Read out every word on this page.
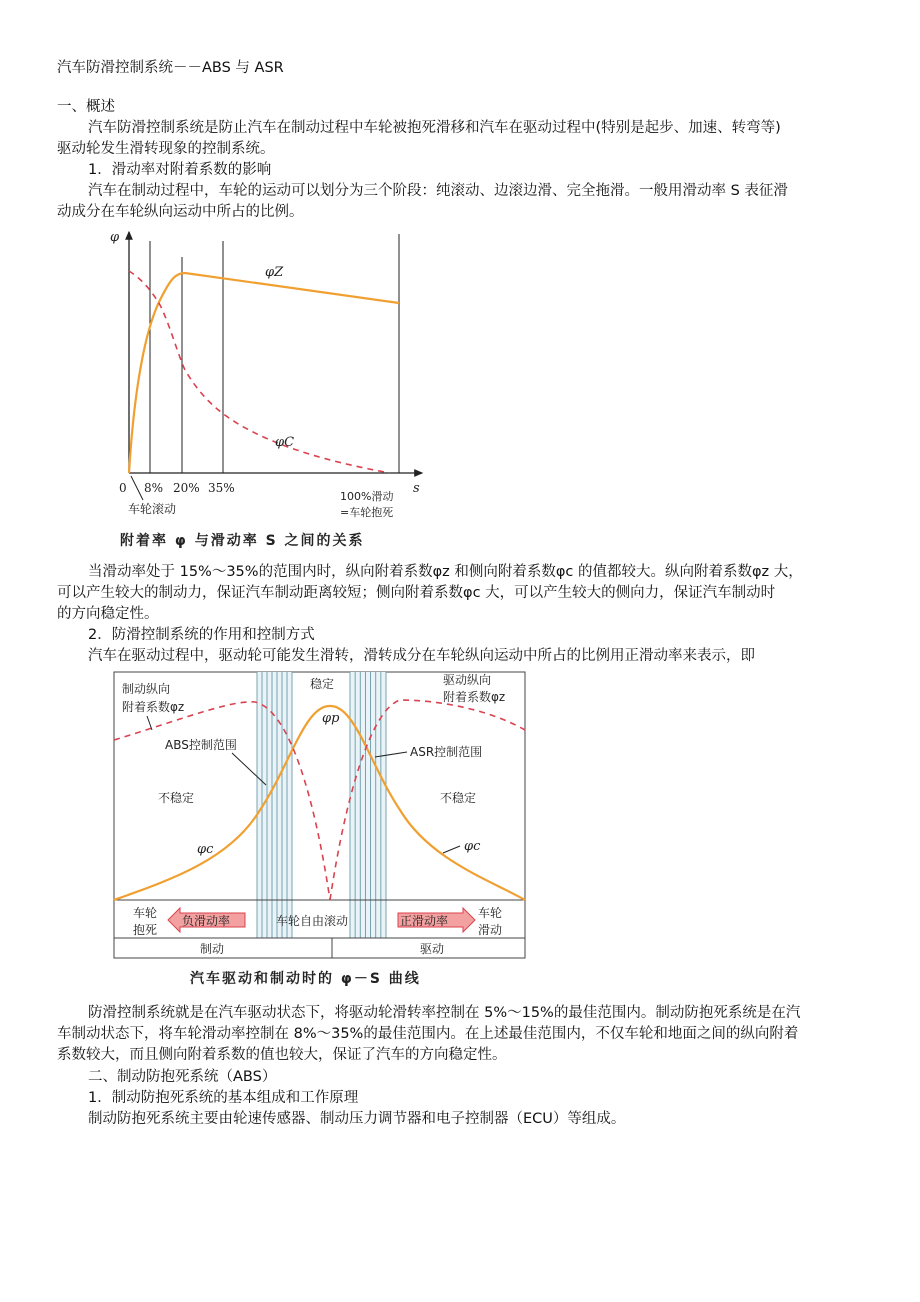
汽车防滑控制系统－－ABS 与 ASR
一、概述
汽车防滑控制系统是防止汽车在制动过程中车轮被抱死滑移和汽车在驱动过程中(特别是起步、加速、转弯等)
驱动轮发生滑转现象的控制系统。
1．滑动率对附着系数的影响
汽车在制动过程中，车轮的运动可以划分为三个阶段：纯滚动、边滚边滑、完全拖滑。一般用滑动率 S 表征滑
动成分在车轮纵向运动中所占的比例。
φ
s
φZ
φC
0 8% 20% 35%
车轮滚动
100%滑动
=车轮抱死
附着率 φ 与滑动率 S 之间的关系
制动纵向
附着系数φz
驱动纵向
附着系数φz
稳定
φp
ABS控制范围	ASR控制范围
不稳定	不稳定
φc	φc
车轮
抱死
负滑动率	车轮自由滚动	正滑动率
车轮
滑动
制动	驱动
汽车驱动和制动时的 φ－S 曲线
当滑动率处于 15%～35%的范围内时，纵向附着系数φz 和侧向附着系数φc 的值都较大。纵向附着系数φz 大，
可以产生较大的制动力，保证汽车制动距离较短；侧向附着系数φc 大，可以产生较大的侧向力，保证汽车制动时
的方向稳定性。
2．防滑控制系统的作用和控制方式
汽车在驱动过程中，驱动轮可能发生滑转，滑转成分在车轮纵向运动中所占的比例用正滑动率来表示，即
防滑控制系统就是在汽车驱动状态下，将驱动轮滑转率控制在 5%～15%的最佳范围内。制动防抱死系统是在汽
车制动状态下，将车轮滑动率控制在 8%～35%的最佳范围内。在上述最佳范围内，不仅车轮和地面之间的纵向附着
系数较大，而且侧向附着系数的值也较大，保证了汽车的方向稳定性。
二、制动防抱死系统（ABS）
1．制动防抱死系统的基本组成和工作原理
制动防抱死系统主要由轮速传感器、制动压力调节器和电子控制器（ECU）等组成。
